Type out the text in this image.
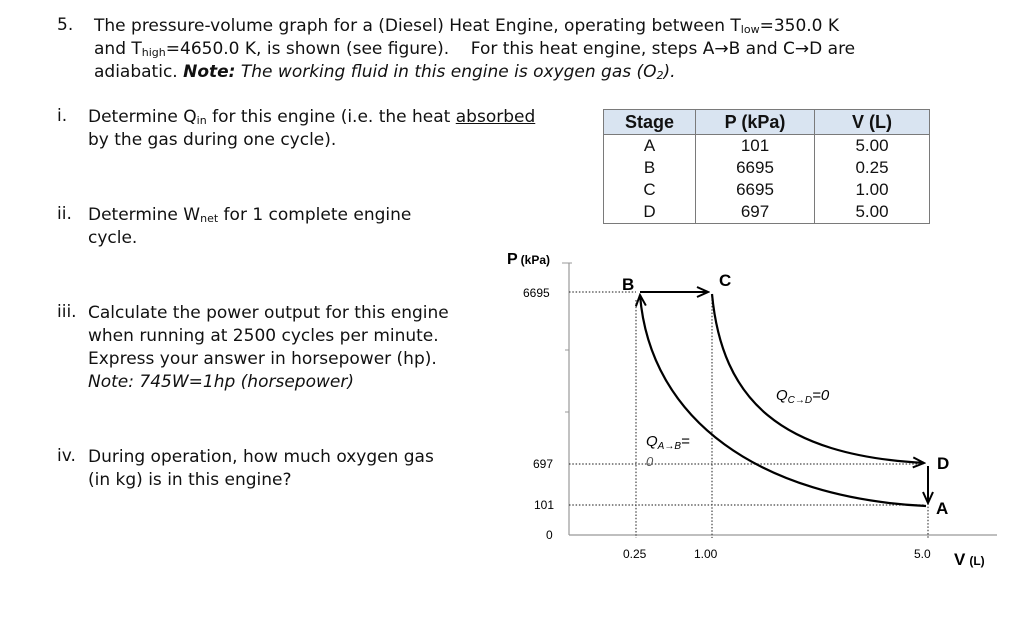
5. The pressure-volume graph for a (Diesel) Heat Engine, operating between $T_{low}=350.0$ K
and $T_{high}=4650.0$ K, is shown (see figure). For this heat engine, steps A→B and C→D are
adiabatic. Note: The working fluid in this engine is oxygen gas $(O_2)$.
i. Determine $Q_{in}$ for this engine (i.e. the heat absorbed
by the gas during one cycle).
ii. Determine $W_{net}$ for 1 complete engine
cycle.
iii. Calculate the power output for this engine
when running at 2500 cycles per minute.
Express your answer in horsepower (hp).
Note: 745W=1hp (horsepower)
iv. During operation, how much oxygen gas
(in kg) is in this engine?
Stage	P (kPa)	V (L)
A	101	5.00
B	6695	0.25
C	6695	1.00
D	697	5.00
P (kPa)
V (L)
6695
697
101
0
0.25	1.00	5.0
B	C
D
A
$Q_{C\to D}=0$
$Q_{A\to B}=$
0
